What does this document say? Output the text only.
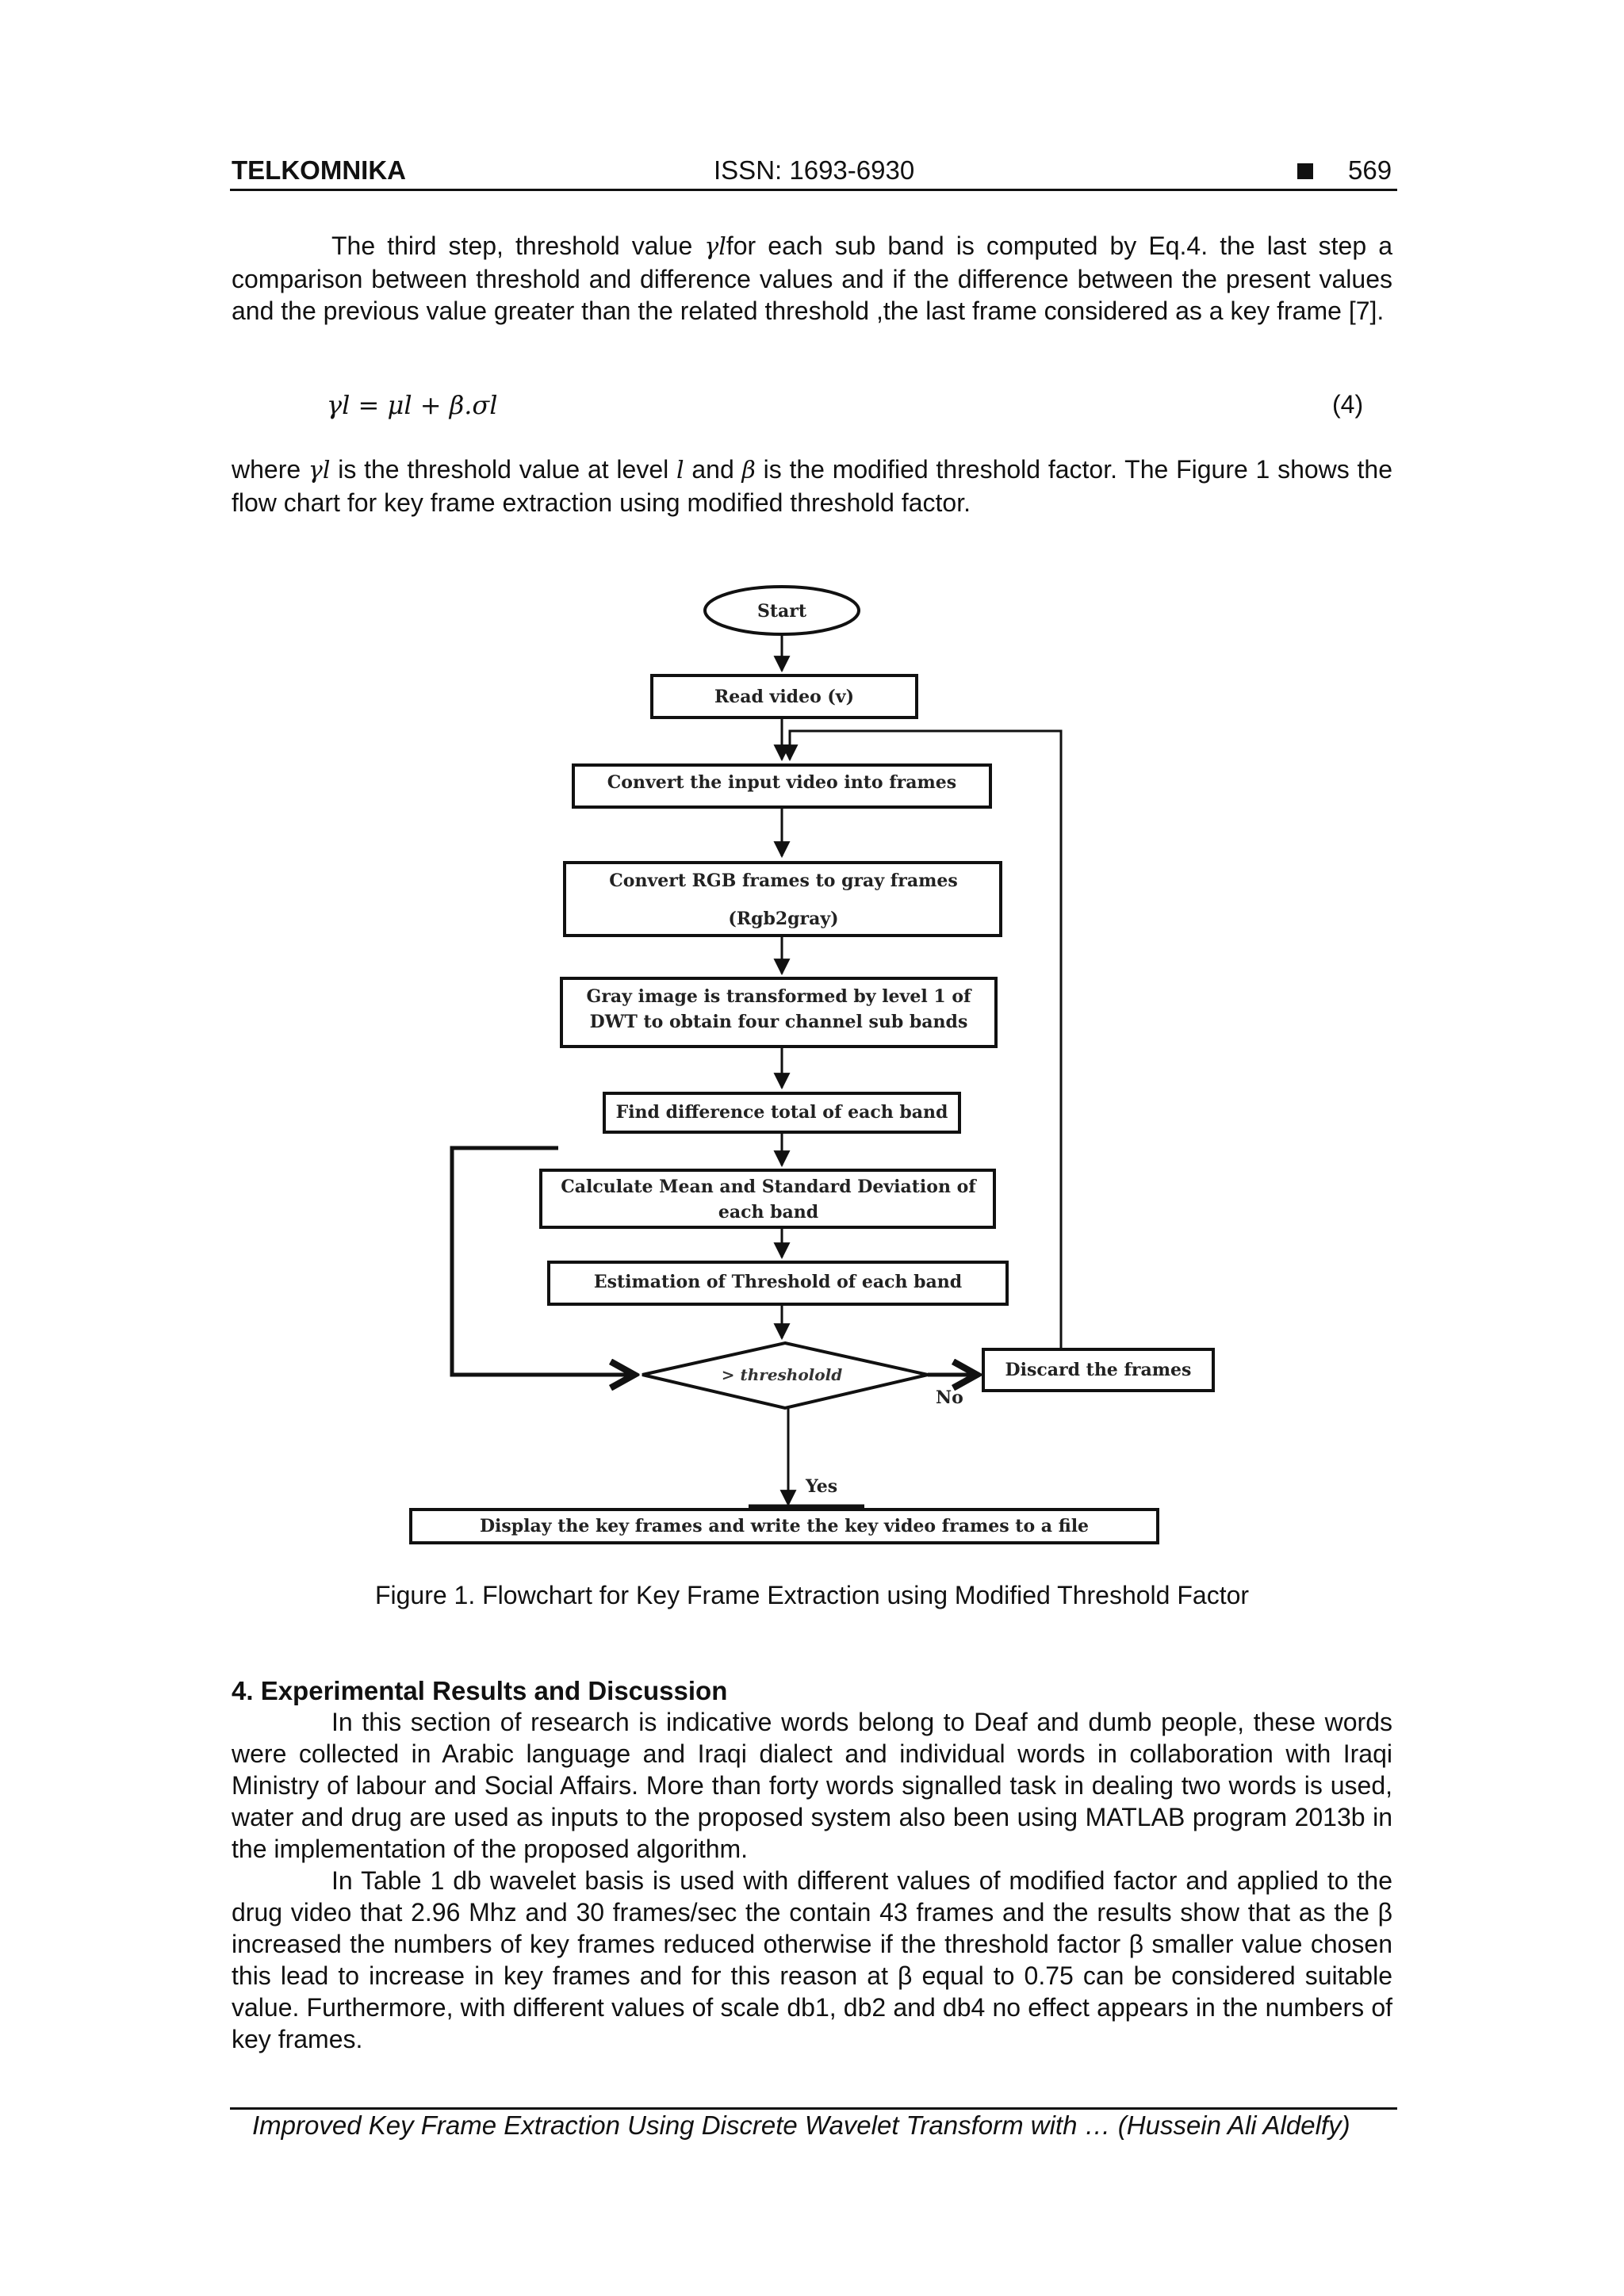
TELKOMNIKA	ISSN: 1693-6930	569

The third step, threshold value γlfor each sub band is computed by Eq.4. the last step a comparison between threshold and difference values and if the difference between the present values and the previous value greater than the related threshold ,the last frame considered as a key frame [7].

γl = μl + β.σl	(4)

where γl is the threshold value at level l and β is the modified threshold factor. The Figure 1 shows the flow chart for key frame extraction using modified threshold factor.

Start
Read video (v)
Convert the input video into frames
Convert RGB frames to gray frames
(Rgb2gray)
Gray image is transformed by level 1 of
DWT to obtain four channel sub bands
Find difference total of each band
Calculate Mean and Standard Deviation of
each band
Estimation of Threshold of each band
> thresholold	Discard the frames
No
Yes
Display the key frames and write the key video frames to a file
Figure 1. Flowchart for Key Frame Extraction using Modified Threshold Factor
4. Experimental Results and Discussion

In this section of research is indicative words belong to Deaf and dumb people, these words were collected in Arabic language and Iraqi dialect and individual words in collaboration with Iraqi Ministry of labour and Social Affairs. More than forty words signalled task in dealing two words is used, water and drug are used as inputs to the proposed system also been using MATLAB program 2013b in the implementation of the proposed algorithm.

In Table 1 db wavelet basis is used with different values of modified factor and applied to the drug video that 2.96 Mhz and 30 frames/sec the contain 43 frames and the results show that as the β increased the numbers of key frames reduced otherwise if the threshold factor β smaller value chosen this lead to increase in key frames and for this reason at β equal to 0.75 can be considered suitable value. Furthermore, with different values of scale db1, db2 and db4 no effect appears in the numbers of key frames.

Improved Key Frame Extraction Using Discrete Wavelet Transform with … (Hussein Ali Aldelfy)
